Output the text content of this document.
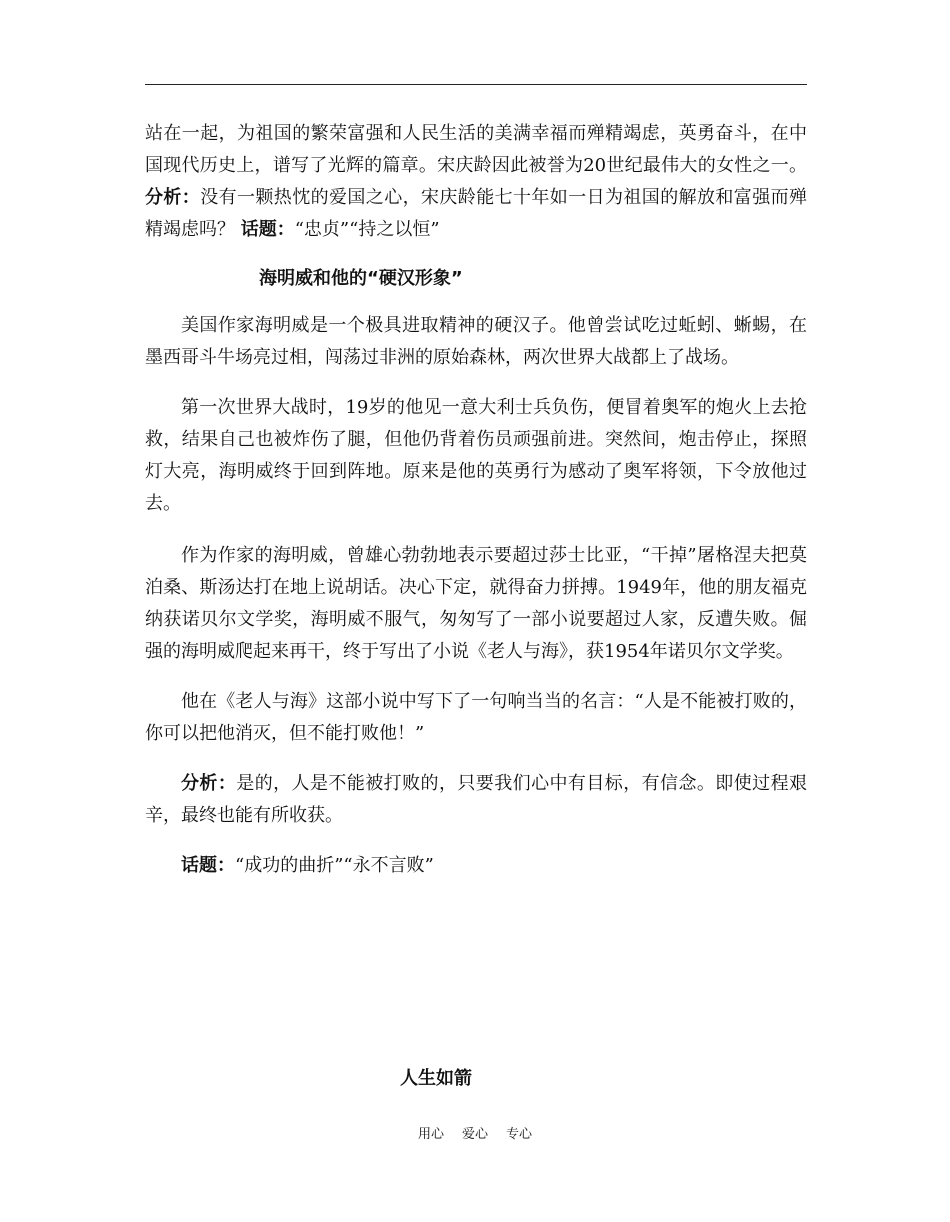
站在一起，为祖国的繁荣富强和人民生活的美满幸福而殚精竭虑，英勇奋斗，在中国现代历史上，谱写了光辉的篇章。宋庆龄因此被誉为20世纪最伟大的女性之一。 分析：没有一颗热忱的爱国之心，宋庆龄能七十年如一日为祖国的解放和富强而殚精竭虑吗？ 话题：“忠贞”“持之以恒”

海明威和他的“硬汉形象”

美国作家海明威是一个极具进取精神的硬汉子。他曾尝试吃过蚯蚓、蜥蜴，在墨西哥斗牛场亮过相，闯荡过非洲的原始森林，两次世界大战都上了战场。

第一次世界大战时，19岁的他见一意大利士兵负伤，便冒着奥军的炮火上去抢救，结果自己也被炸伤了腿，但他仍背着伤员顽强前进。突然间，炮击停止，探照灯大亮，海明威终于回到阵地。原来是他的英勇行为感动了奥军将领，下令放他过去。

作为作家的海明威，曾雄心勃勃地表示要超过莎士比亚，“干掉”屠格涅夫把莫泊桑、斯汤达打在地上说胡话。决心下定，就得奋力拼搏。1949年，他的朋友福克纳获诺贝尔文学奖，海明威不服气，匆匆写了一部小说要超过人家，反遭失败。倔强的海明威爬起来再干，终于写出了小说《老人与海》，获1954年诺贝尔文学奖。

他在《老人与海》这部小说中写下了一句响当当的名言：“人是不能被打败的，你可以把他消灭，但不能打败他！”

分析：是的，人是不能被打败的，只要我们心中有目标，有信念。即使过程艰辛，最终也能有所收获。

话题：“成功的曲折”“永不言败”

人生如箭
用心 爱心 专心
